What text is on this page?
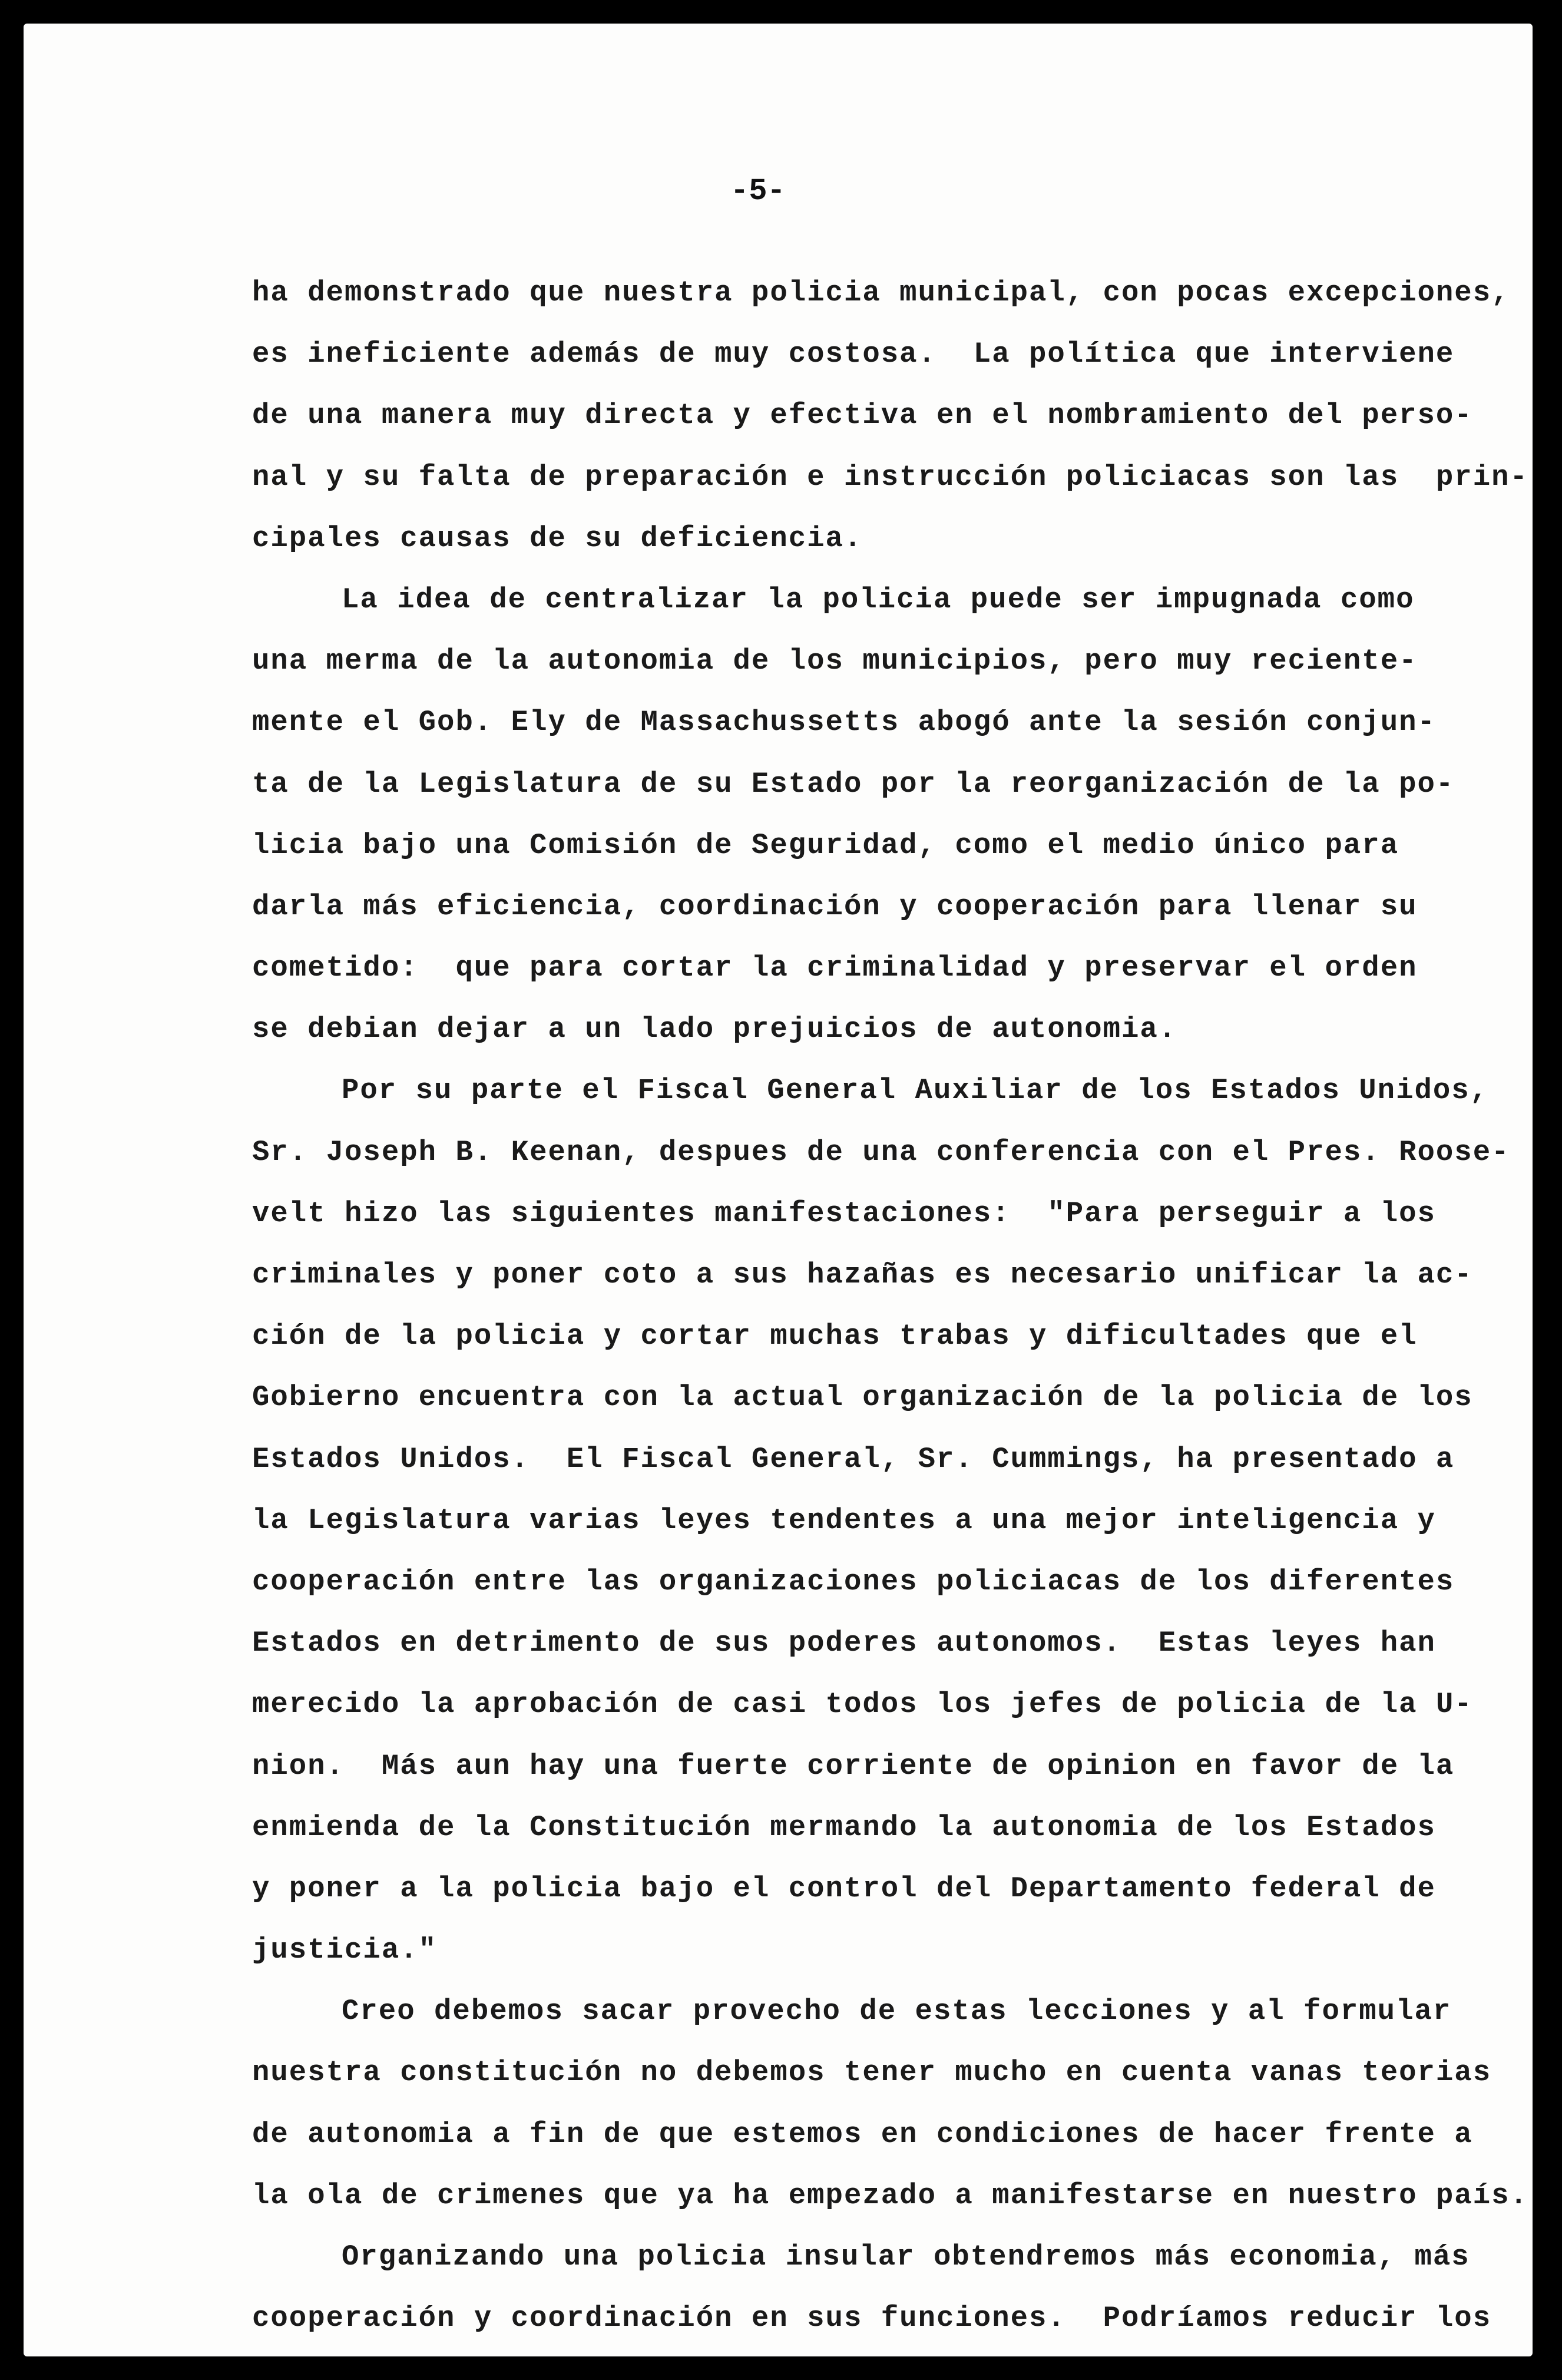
-5-
ha demonstrado que nuestra policia municipal, con pocas excepciones,
es ineficiente además de muy costosa.  La política que interviene
de una manera muy directa y efectiva en el nombramiento del perso-
nal y su falta de preparación e instrucción policiacas son las  prin-
cipales causas de su deficiencia.
La idea de centralizar la policia puede ser impugnada como
una merma de la autonomia de los municipios, pero muy reciente-
mente el Gob. Ely de Massachussetts abogó ante la sesión conjun-
ta de la Legislatura de su Estado por la reorganización de la po-
licia bajo una Comisión de Seguridad, como el medio único para
darla más eficiencia, coordinación y cooperación para llenar su
cometido:  que para cortar la criminalidad y preservar el orden
se debian dejar a un lado prejuicios de autonomia.
Por su parte el Fiscal General Auxiliar de los Estados Unidos,
Sr. Joseph B. Keenan, despues de una conferencia con el Pres. Roose-
velt hizo las siguientes manifestaciones:  "Para perseguir a los
criminales y poner coto a sus hazañas es necesario unificar la ac-
ción de la policia y cortar muchas trabas y dificultades que el
Gobierno encuentra con la actual organización de la policia de los
Estados Unidos.  El Fiscal General, Sr. Cummings, ha presentado a
la Legislatura varias leyes tendentes a una mejor inteligencia y
cooperación entre las organizaciones policiacas de los diferentes
Estados en detrimento de sus poderes autonomos.  Estas leyes han
merecido la aprobación de casi todos los jefes de policia de la U-
nion.  Más aun hay una fuerte corriente de opinion en favor de la
enmienda de la Constitución mermando la autonomia de los Estados
y poner a la policia bajo el control del Departamento federal de
justicia."
Creo debemos sacar provecho de estas lecciones y al formular
nuestra constitución no debemos tener mucho en cuenta vanas teorias
de autonomia a fin de que estemos en condiciones de hacer frente a
la ola de crimenes que ya ha empezado a manifestarse en nuestro país.
Organizando una policia insular obtendremos más economia, más
cooperación y coordinación en sus funciones.  Podríamos reducir los
